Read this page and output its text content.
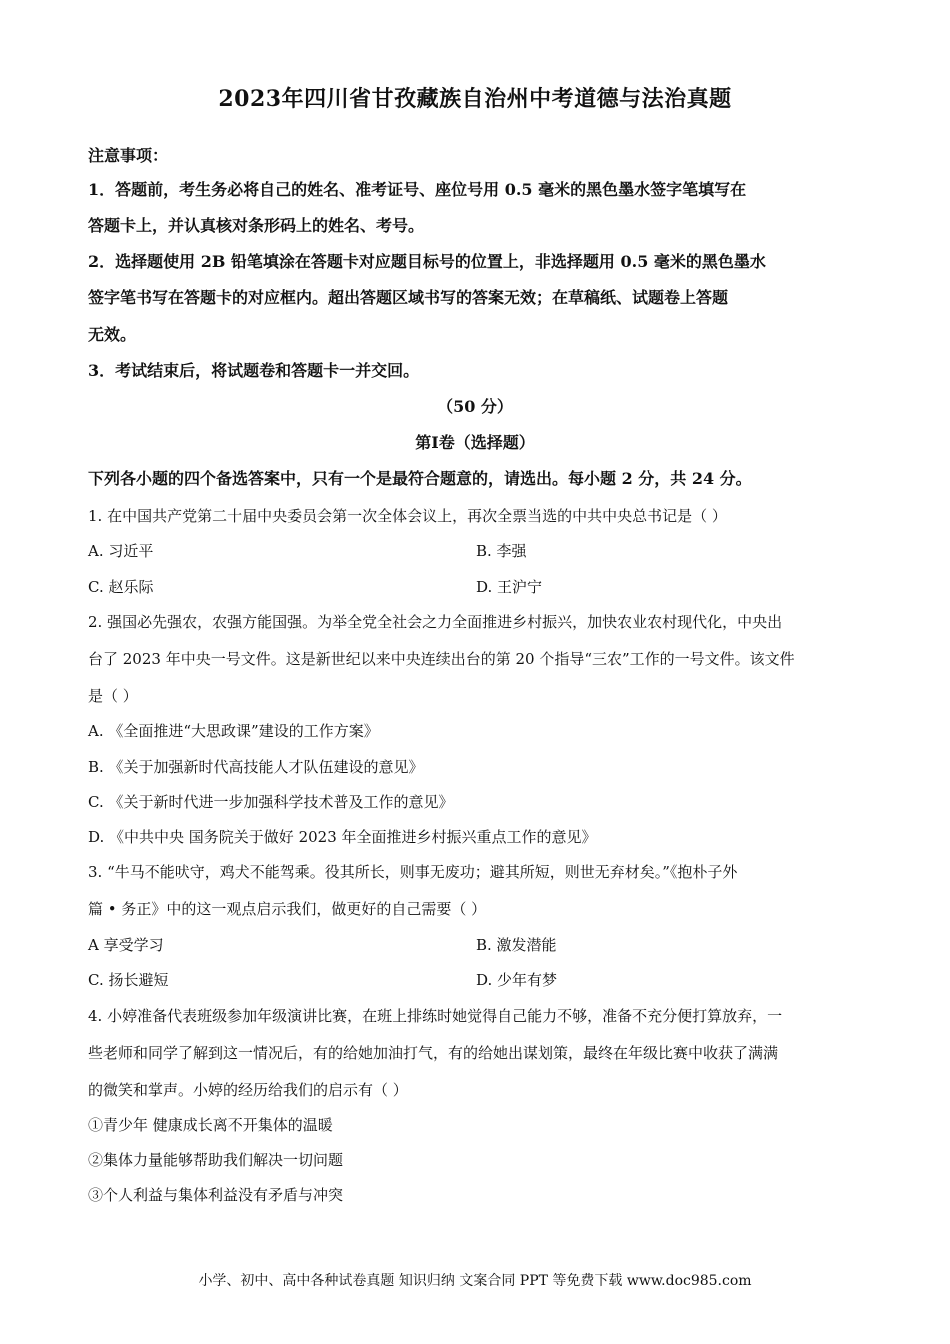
2023年四川省甘孜藏族自治州中考道德与法治真题
注意事项：
1．答题前，考生务必将自己的姓名、准考证号、座位号用 0.5 毫米的黑色墨水签字笔填写在
答题卡上，并认真核对条形码上的姓名、考号。
2．选择题使用 2B 铅笔填涂在答题卡对应题目标号的位置上，非选择题用 0.5 毫米的黑色墨水
签字笔书写在答题卡的对应框内。超出答题区域书写的答案无效；在草稿纸、试题卷上答题
无效。
3．考试结束后，将试题卷和答题卡一并交回。
（50 分）
第Ⅰ卷（选择题）
下列各小题的四个备选答案中，只有一个是最符合题意的，请选出。每小题 2 分，共 24 分。
1. 在中国共产党第二十届中央委员会第一次全体会议上，再次全票当选的中共中央总书记是（ ）
A. 习近平	B. 李强
C. 赵乐际	D. 王沪宁
2. 强国必先强农，农强方能国强。为举全党全社会之力全面推进乡村振兴，加快农业农村现代化，中央出
台了 2023 年中央一号文件。这是新世纪以来中央连续出台的第 20 个指导“三农”工作的一号文件。该文件
是（ ）
A. 《全面推进“大思政课”建设的工作方案》
B. 《关于加强新时代高技能人才队伍建设的意见》
C. 《关于新时代进一步加强科学技术普及工作的意见》
D. 《中共中央 国务院关于做好 2023 年全面推进乡村振兴重点工作的意见》
3. “牛马不能吠守，鸡犬不能驾乘。役其所长，则事无废功；避其所短，则世无弃材矣。”《抱朴子外
篇 • 务正》中的这一观点启示我们，做更好的自己需要（ ）
A 享受学习	B. 激发潜能
C. 扬长避短	D. 少年有梦
4. 小婷准备代表班级参加年级演讲比赛，在班上排练时她觉得自己能力不够，准备不充分便打算放弃，一
些老师和同学了解到这一情况后，有的给她加油打气，有的给她出谋划策，最终在年级比赛中收获了满满
的微笑和掌声。小婷的经历给我们的启示有（ ）
①青少年 健康成长离不开集体的温暖
②集体力量能够帮助我们解决一切问题
③个人利益与集体利益没有矛盾与冲突
小学、初中、高中各种试卷真题 知识归纳 文案合同 PPT 等免费下载 www.doc985.com
